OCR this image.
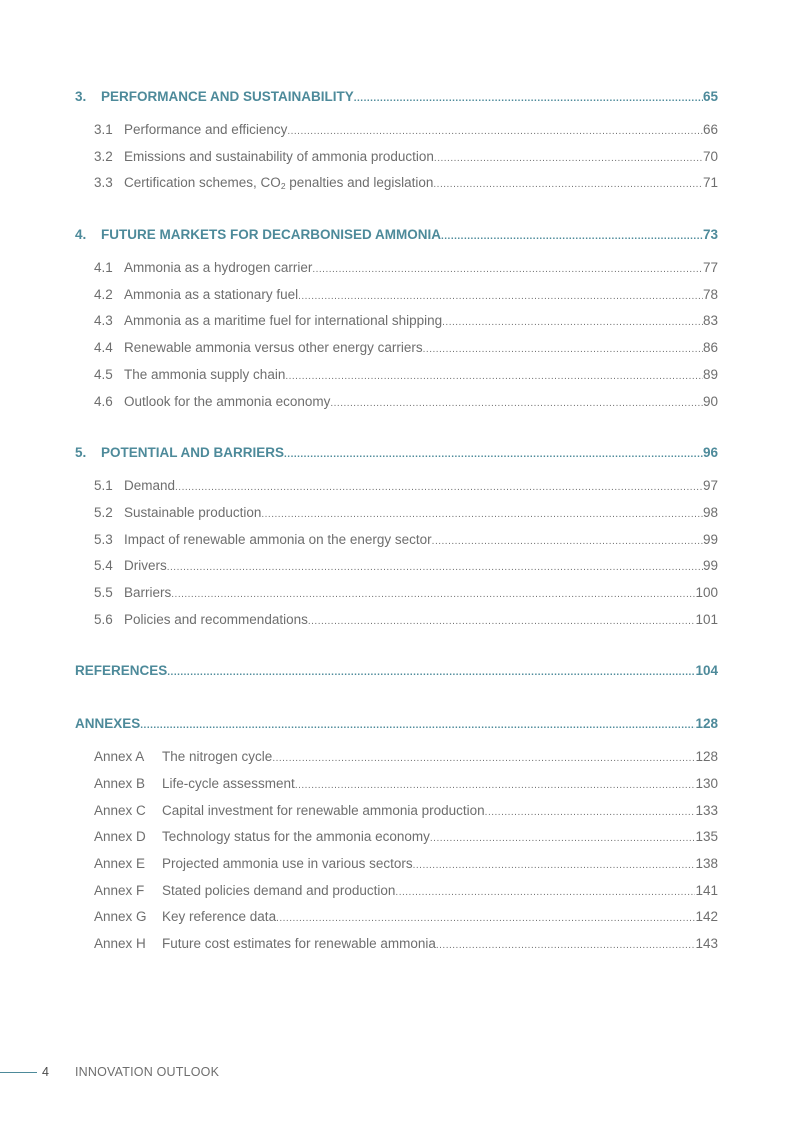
3. PERFORMANCE AND SUSTAINABILITY .....	65
3.1 Performance and efficiency .....	66
3.2 Emissions and sustainability of ammonia production .....	70
3.3 Certification schemes, $CO_2$ penalties and legislation .....	71
4. FUTURE MARKETS FOR DECARBONISED AMMONIA .....	73
4.1 Ammonia as a hydrogen carrier .....	77
4.2 Ammonia as a stationary fuel .....	78
4.3 Ammonia as a maritime fuel for international shipping .....	83
4.4 Renewable ammonia versus other energy carriers .....	86
4.5 The ammonia supply chain .....	89
4.6 Outlook for the ammonia economy .....	90
5. POTENTIAL AND BARRIERS .....	96
5.1 Demand .....	97
5.2 Sustainable production .....	98
5.3 Impact of renewable ammonia on the energy sector .....	99
5.4 Drivers .....	99
5.5 Barriers .....	100
5.6 Policies and recommendations .....	101
REFERENCES .....	104
ANNEXES .....	128
Annex A The nitrogen cycle .....	128
Annex B Life-cycle assessment .....	130
Annex C Capital investment for renewable ammonia production .....	133
Annex D Technology status for the ammonia economy .....	135
Annex E Projected ammonia use in various sectors .....	138
Annex F Stated policies demand and production .....	141
Annex G Key reference data .....	142
Annex H Future cost estimates for renewable ammonia .....	143
4 INNOVATION OUTLOOK
